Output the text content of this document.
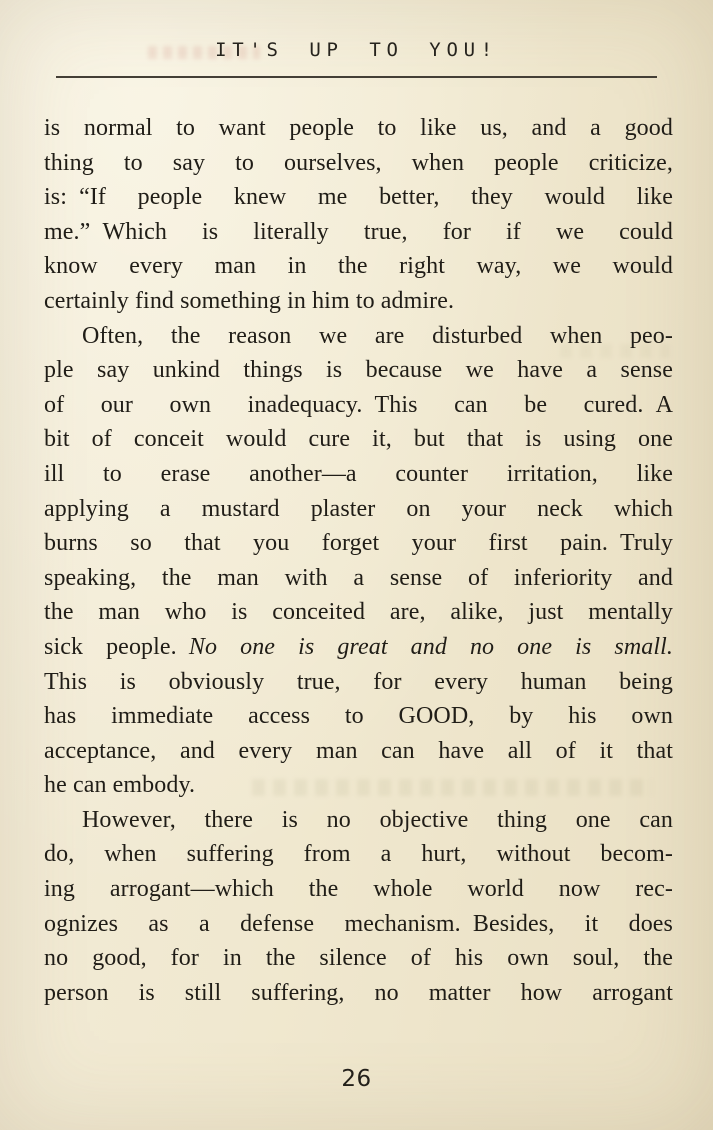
IT'S UP TO YOU!
is normal to want people to like us, and a good
thing to say to ourselves, when people criticize,
is: “If people knew me better, they would like
me.” Which is literally true, for if we could
know every man in the right way, we would
certainly find something in him to admire.
Often, the reason we are disturbed when peo-
ple say unkind things is because we have a sense
of our own inadequacy. This can be cured. A
bit of conceit would cure it, but that is using one
ill to erase another—a counter irritation, like
applying a mustard plaster on your neck which
burns so that you forget your first pain. Truly
speaking, the man with a sense of inferiority and
the man who is conceited are, alike, just mentally
sick people. No one is great and no one is small.
This is obviously true, for every human being
has immediate access to GOOD, by his own
acceptance, and every man can have all of it that
he can embody.
However, there is no objective thing one can
do, when suffering from a hurt, without becom-
ing arrogant—which the whole world now rec-
ognizes as a defense mechanism. Besides, it does
no good, for in the silence of his own soul, the
person is still suffering, no matter how arrogant
26
